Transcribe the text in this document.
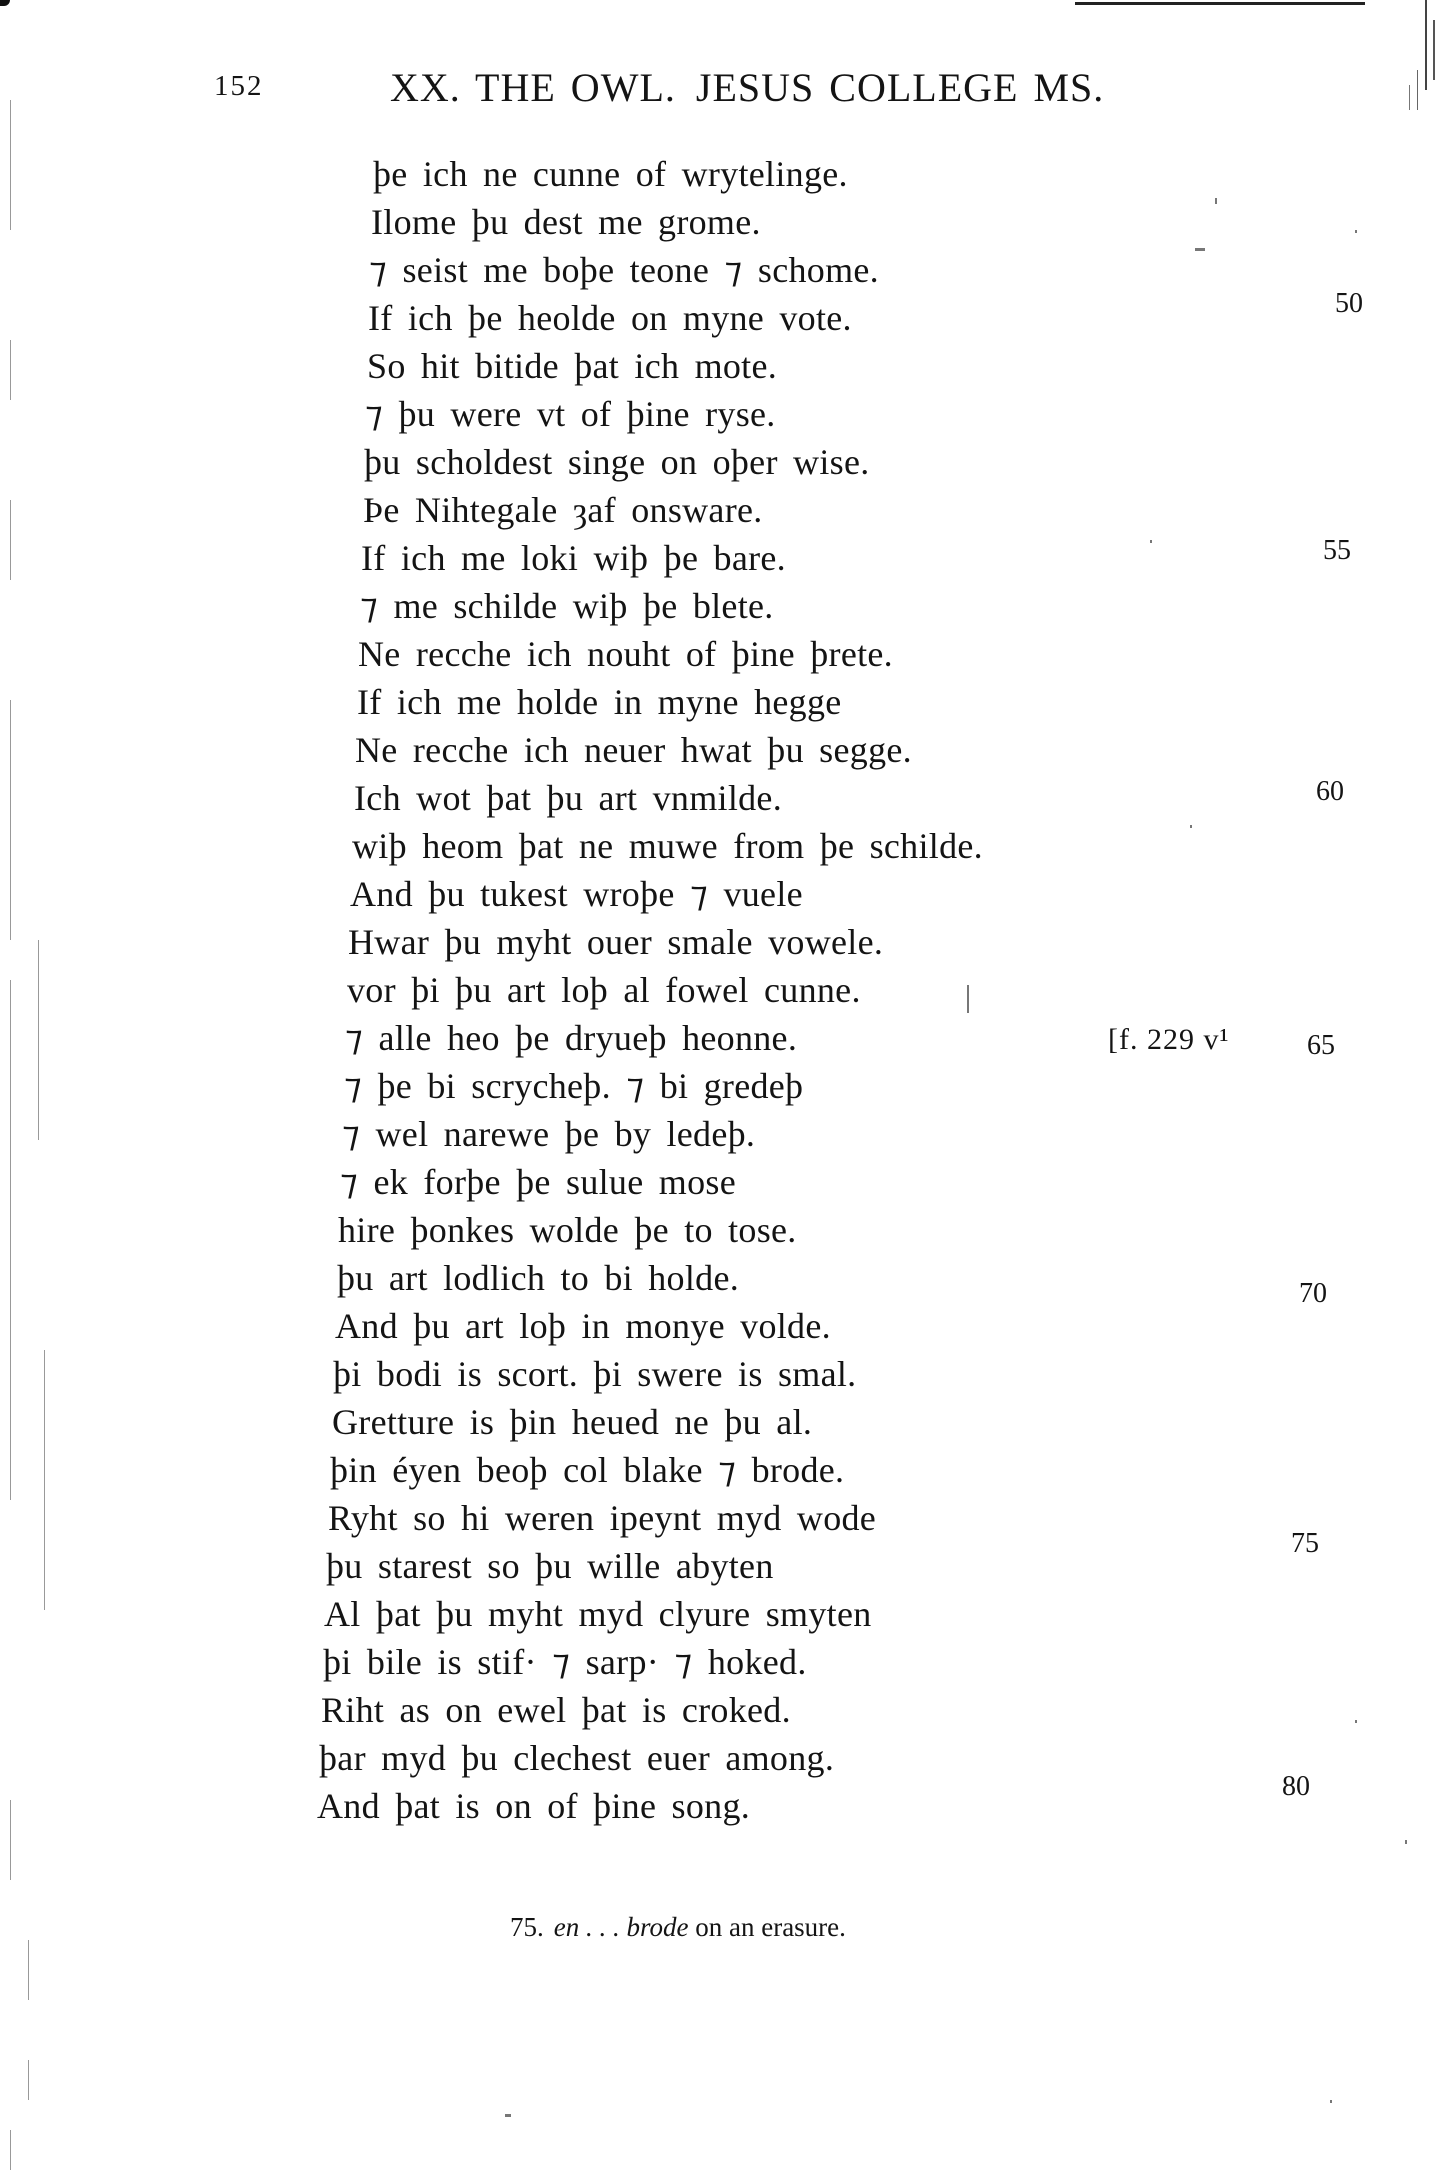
152	XX. THE OWL. JESUS COLLEGE MS.
þe ich ne cunne of wrytelinge.
Ilome þu dest me grome.
⁊ seist me boþe teone ⁊ schome.
If ich þe heolde on myne vote.
So hit bitide þat ich mote.
⁊ þu were vt of þine ryse.
þu scholdest singe on oþer wise.
Þe Nihtegale ȝaf onsware.
If ich me loki wiþ þe bare.
⁊ me schilde wiþ þe blete.
Ne recche ich nouht of þine þrete.
If ich me holde in myne hegge
Ne recche ich neuer hwat þu segge.
Ich wot þat þu art vnmilde.
wiþ heom þat ne muwe from þe schilde.
And þu tukest wroþe ⁊ vuele
Hwar þu myht ouer smale vowele.
vor þi þu art loþ al fowel cunne.
⁊ alle heo þe dryueþ heonne.
⁊ þe bi scrycheþ. ⁊ bi gredeþ
⁊ wel narewe þe by ledeþ.
⁊ ek forþe þe sulue mose
hire þonkes wolde þe to tose.
þu art lodlich to bi holde.
And þu art loþ in monye volde.
þi bodi is scort. þi swere is smal.
Gretture is þin heued ne þu al.
þin éyen beoþ col blake ⁊ brode.
Ryht so hi weren ipeynt myd wode
þu starest so þu wille abyten
Al þat þu myht myd clyure smyten
þi bile is stif· ⁊ sarp· ⁊ hoked.
Riht as on ewel þat is croked.
þar myd þu clechest euer among.
And þat is on of þine song.
50
55
60
65
70
75
80
[f. 229 v¹
75. en . . . brode on an erasure.
